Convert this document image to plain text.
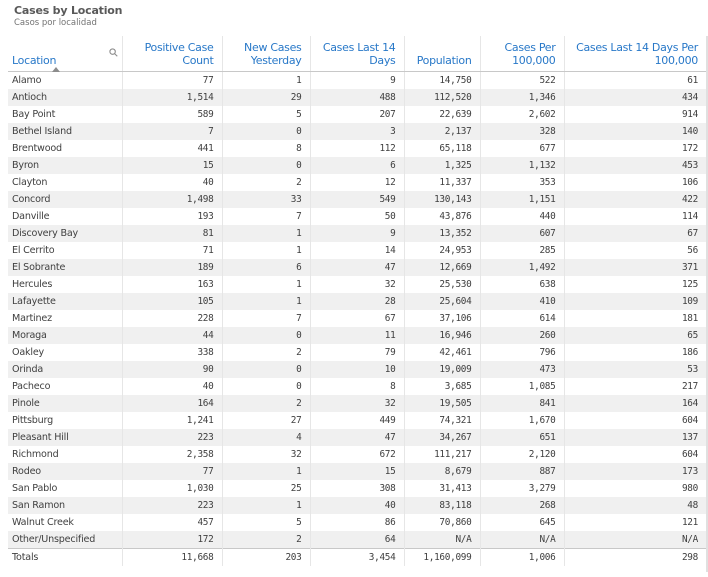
Cases by Location
Casos por localidad
Location	Positive Case Count	New Cases Yesterday	Cases Last 14 Days	Population	Cases Per 100,000	Cases Last 14 Days Per 100,000
Alamo	77	1	9	14,750	522	61
Antioch	1,514	29	488	112,520	1,346	434
Bay Point	589	5	207	22,639	2,602	914
Bethel Island	7	0	3	2,137	328	140
Brentwood	441	8	112	65,118	677	172
Byron	15	0	6	1,325	1,132	453
Clayton	40	2	12	11,337	353	106
Concord	1,498	33	549	130,143	1,151	422
Danville	193	7	50	43,876	440	114
Discovery Bay	81	1	9	13,352	607	67
El Cerrito	71	1	14	24,953	285	56
El Sobrante	189	6	47	12,669	1,492	371
Hercules	163	1	32	25,530	638	125
Lafayette	105	1	28	25,604	410	109
Martinez	228	7	67	37,106	614	181
Moraga	44	0	11	16,946	260	65
Oakley	338	2	79	42,461	796	186
Orinda	90	0	10	19,009	473	53
Pacheco	40	0	8	3,685	1,085	217
Pinole	164	2	32	19,505	841	164
Pittsburg	1,241	27	449	74,321	1,670	604
Pleasant Hill	223	4	47	34,267	651	137
Richmond	2,358	32	672	111,217	2,120	604
Rodeo	77	1	15	8,679	887	173
San Pablo	1,030	25	308	31,413	3,279	980
San Ramon	223	1	40	83,118	268	48
Walnut Creek	457	5	86	70,860	645	121
Other/Unspecified	172	2	64	N/A	N/A	N/A
Totals	11,668	203	3,454	1,160,099	1,006	298
